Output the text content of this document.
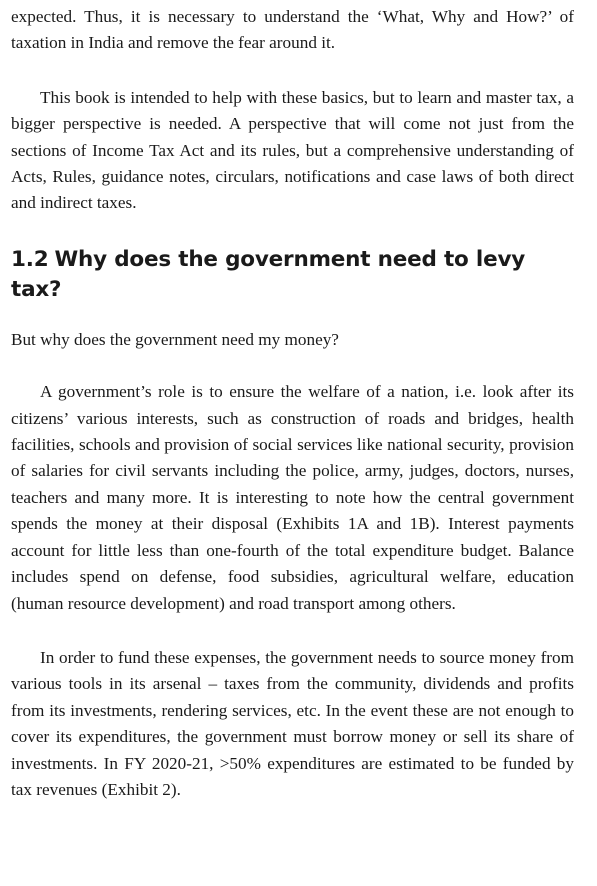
expected. Thus, it is necessary to understand the ‘What, Why and How?’ of taxation in India and remove the fear around it.

This book is intended to help with these basics, but to learn and master tax, a bigger perspective is needed. A perspective that will come not just from the sections of Income Tax Act and its rules, but a comprehensive understanding of Acts, Rules, guidance notes, circulars, notifications and case laws of both direct and indirect taxes.

1.2 Why does the government need to levy tax?

But why does the government need my money?

A government’s role is to ensure the welfare of a nation, i.e. look after its citizens’ various interests, such as construction of roads and bridges, health facilities, schools and provision of social services like national security, provision of salaries for civil servants including the police, army, judges, doctors, nurses, teachers and many more. It is interesting to note how the central government spends the money at their disposal (Exhibits 1A and 1B). Interest payments account for little less than one-fourth of the total expenditure budget. Balance includes spend on defense, food subsidies, agricultural welfare, education (human resource development) and road transport among others.

In order to fund these expenses, the government needs to source money from various tools in its arsenal – taxes from the community, dividends and profits from its investments, rendering services, etc. In the event these are not enough to cover its expenditures, the government must borrow money or sell its share of investments. In FY 2020-21, >50% expenditures are estimated to be funded by tax revenues (Exhibit 2).
